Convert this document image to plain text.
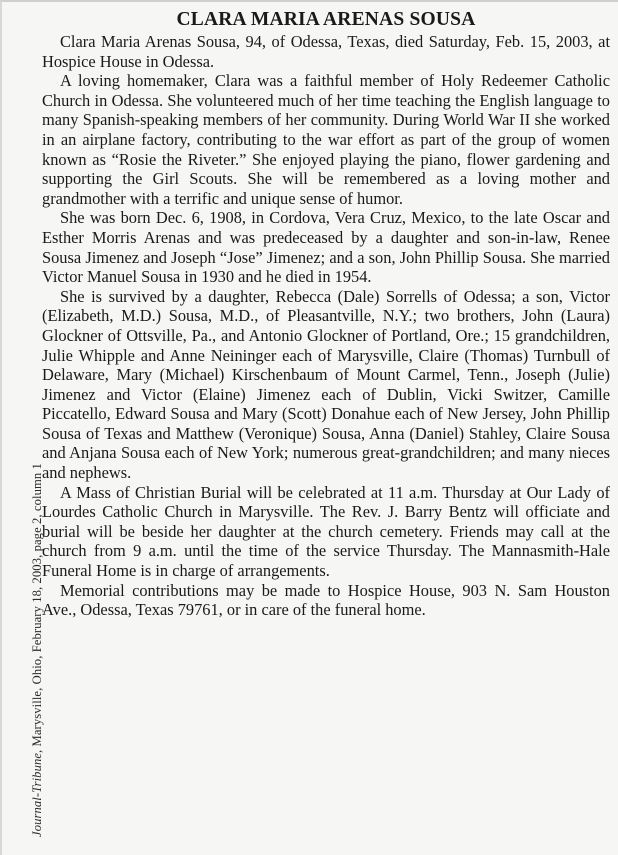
Journal-Tribune, Marysville, Ohio, February 18, 2003, page 2, column 1
CLARA MARIA ARENAS SOUSA

Clara Maria Arenas Sousa, 94, of Odessa, Texas, died Saturday, Feb. 15, 2003, at Hospice House in Odessa.

A loving homemaker, Clara was a faithful member of Holy Redeemer Catholic Church in Odessa. She volunteered much of her time teaching the English language to many Spanish-speaking members of her community. During World War II she worked in an airplane factory, contributing to the war effort as part of the group of women known as “Rosie the Riveter.” She enjoyed playing the piano, flower gardening and supporting the Girl Scouts. She will be remembered as a loving mother and grandmother with a terrific and unique sense of humor.

She was born Dec. 6, 1908, in Cordova, Vera Cruz, Mexico, to the late Oscar and Esther Morris Arenas and was predeceased by a daughter and son-in-law, Renee Sousa Jimenez and Joseph “Jose” Jimenez; and a son, John Phillip Sousa. She married Victor Manuel Sousa in 1930 and he died in 1954.

She is survived by a daughter, Rebecca (Dale) Sorrells of Odessa; a son, Victor (Elizabeth, M.D.) Sousa, M.D., of Pleasantville, N.Y.; two brothers, John (Laura) Glockner of Ottsville, Pa., and Antonio Glockner of Portland, Ore.; 15 grandchildren, Julie Whipple and Anne Neininger each of Marysville, Claire (Thomas) Turnbull of Delaware, Mary (Michael) Kirschenbaum of Mount Carmel, Tenn., Joseph (Julie) Jimenez and Victor (Elaine) Jimenez each of Dublin, Vicki Switzer, Camille Piccatello, Edward Sousa and Mary (Scott) Donahue each of New Jersey, John Phillip Sousa of Texas and Matthew (Veronique) Sousa, Anna (Daniel) Stahley, Claire Sousa and Anjana Sousa each of New York; numerous great-grandchildren; and many nieces and nephews.

A Mass of Christian Burial will be celebrated at 11 a.m. Thursday at Our Lady of Lourdes Catholic Church in Marysville. The Rev. J. Barry Bentz will officiate and burial will be beside her daughter at the church cemetery. Friends may call at the church from 9 a.m. until the time of the service Thursday. The Mannasmith-Hale Funeral Home is in charge of arrangements.

Memorial contributions may be made to Hospice House, 903 N. Sam Houston Ave., Odessa, Texas 79761, or in care of the funeral home.
